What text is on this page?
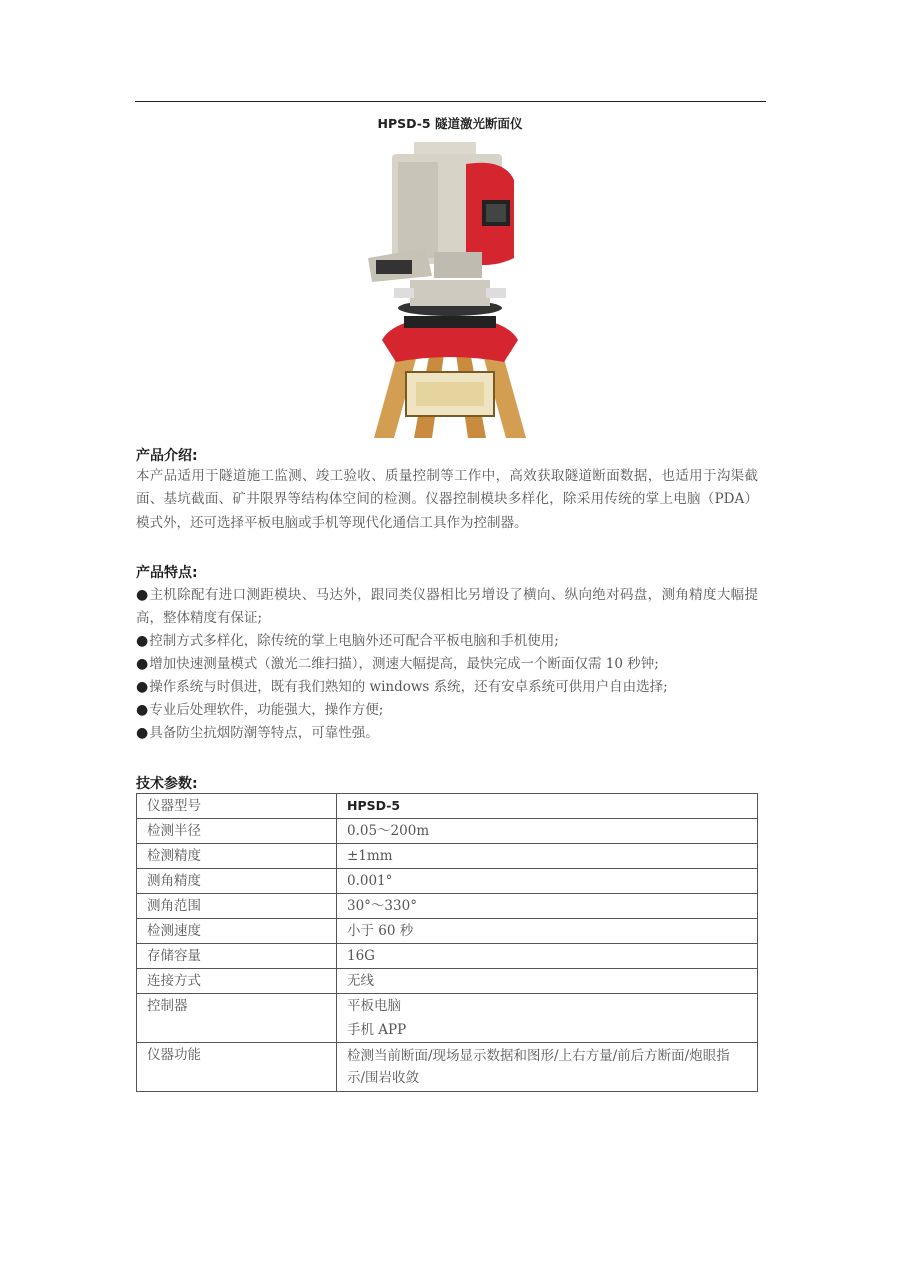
HPSD-5 隧道激光断面仪
产品介绍:
本产品适用于隧道施工监测、竣工验收、质量控制等工作中，高效获取隧道断面数据，也适用于沟渠截面、基坑截面、矿井限界等结构体空间的检测。仪器控制模块多样化，除采用传统的掌上电脑（PDA）模式外，还可选择平板电脑或手机等现代化通信工具作为控制器。
产品特点:
●主机除配有进口测距模块、马达外，跟同类仪器相比另增设了横向、纵向绝对码盘，测角精度大幅提高，整体精度有保证;
●控制方式多样化，除传统的掌上电脑外还可配合平板电脑和手机使用;
●增加快速测量模式（激光二维扫描），测速大幅提高，最快完成一个断面仅需 10 秒钟;
●操作系统与时俱进，既有我们熟知的 windows 系统，还有安卓系统可供用户自由选择;
●专业后处理软件，功能强大，操作方便;
●具备防尘抗烟防潮等特点，可靠性强。
技术参数:
仪器型号	HPSD-5
检测半径	0.05～200m
检测精度	±1mm
测角精度	0.001°
测角范围	30°～330°
检测速度	小于 60 秒
存储容量	16G
连接方式	无线
控制器	平板电脑
手机 APP

仪器功能	检测当前断面/现场显示数据和图形/上右方量/前后方断面/炮眼指示/围岩收敛
